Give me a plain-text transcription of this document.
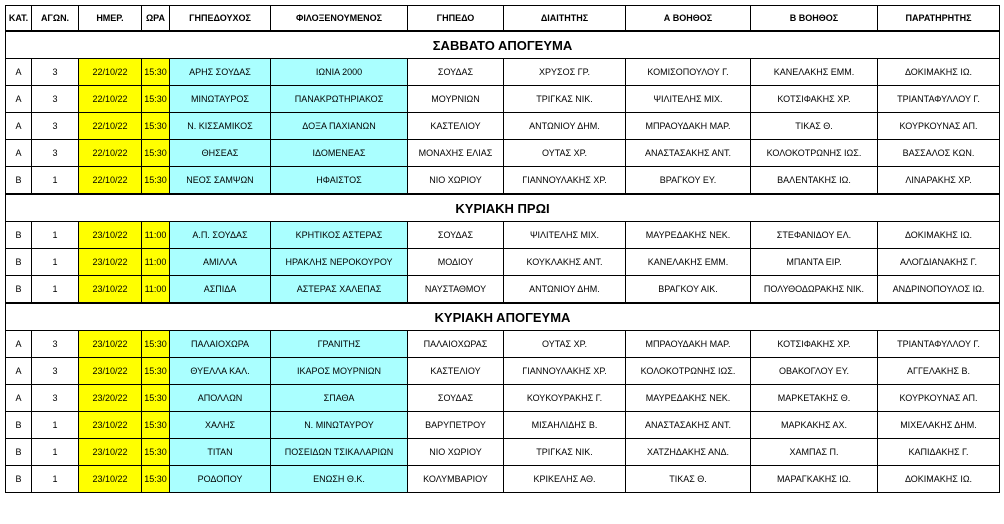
ΚΑΤ.	ΑΓΩΝ.	ΗΜΕΡ.	ΩΡΑ	ΓΗΠΕΔΟΥΧΟΣ	ΦΙΛΟΞΕΝΟΥΜΕΝΟΣ	ΓΗΠΕΔΟ	ΔΙΑΙΤΗΤΗΣ	Α ΒΟΗΘΟΣ	Β ΒΟΗΘΟΣ	ΠΑΡΑΤΗΡΗΤΗΣ
ΣΑΒΒΑΤΟ ΑΠΟΓΕΥΜΑ										
Α	3	22/10/22	15:30	ΑΡΗΣ ΣΟΥΔΑΣ	ΙΩΝΙΑ 2000	ΣΟΥΔΑΣ	ΧΡΥΣΟΣ ΓΡ.	ΚΟΜΙΣΟΠΟΥΛΟΥ Γ.	ΚΑΝΕΛΑΚΗΣ ΕΜΜ.	ΔΟΚΙΜΑΚΗΣ ΙΩ.
Α	3	22/10/22	15:30	ΜΙΝΩΤΑΥΡΟΣ	ΠΑΝΑΚΡΩΤΗΡΙΑΚΟΣ	ΜΟΥΡΝΙΩΝ	ΤΡΙΓΚΑΣ ΝΙΚ.	ΨΙΛΙΤΕΛΗΣ ΜΙΧ.	ΚΟΤΣΙΦΑΚΗΣ ΧΡ.	ΤΡΙΑΝΤΑΦΥΛΛΟΥ Γ.
Α	3	22/10/22	15:30	Ν. ΚΙΣΣΑΜΙΚΟΣ	ΔΟΞΑ ΠΑΧΙΑΝΩΝ	ΚΑΣΤΕΛΙΟΥ	ΑΝΤΩΝΙΟΥ ΔΗΜ.	ΜΠΡΑΟΥΔΑΚΗ ΜΑΡ.	ΤΙΚΑΣ Θ.	ΚΟΥΡΚΟΥΝΑΣ ΑΠ.
Α	3	22/10/22	15:30	ΘΗΣΕΑΣ	ΙΔΟΜΕΝΕΑΣ	ΜΟΝΑΧΗΣ ΕΛΙΑΣ	ΟΥΤΑΣ ΧΡ.	ΑΝΑΣΤΑΣΑΚΗΣ ΑΝΤ.	ΚΟΛΟΚΟΤΡΩΝΗΣ ΙΩΣ.	ΒΑΣΣΑΛΟΣ ΚΩΝ.
Β	1	22/10/22	15:30	ΝΕΟΣ ΣΑΜΨΩΝ	ΗΦΑΙΣΤΟΣ	ΝΙΟ ΧΩΡΙΟΥ	ΓΙΑΝΝΟΥΛΑΚΗΣ ΧΡ.	ΒΡΑΓΚΟΥ ΕΥ.	ΒΑΛΕΝΤΑΚΗΣ ΙΩ.	ΛΙΝΑΡΑΚΗΣ ΧΡ.
ΚΥΡΙΑΚΗ ΠΡΩΙ										
Β	1	23/10/22	11:00	Α.Π. ΣΟΥΔΑΣ	ΚΡΗΤΙΚΟΣ ΑΣΤΕΡΑΣ	ΣΟΥΔΑΣ	ΨΙΛΙΤΕΛΗΣ ΜΙΧ.	ΜΑΥΡΕΔΑΚΗΣ ΝΕΚ.	ΣΤΕΦΑΝΙΔΟΥ ΕΛ.	ΔΟΚΙΜΑΚΗΣ ΙΩ.
Β	1	23/10/22	11:00	ΑΜΙΛΛΑ	ΗΡΑΚΛΗΣ ΝΕΡΟΚΟΥΡΟΥ	ΜΟΔΙΟΥ	ΚΟΥΚΛΑΚΗΣ ΑΝΤ.	ΚΑΝΕΛΑΚΗΣ ΕΜΜ.	ΜΠΑΝΤΑ ΕΙΡ.	ΑΛΟΓΔΙΑΝΑΚΗΣ Γ.
Β	1	23/10/22	11:00	ΑΣΠΙΔΑ	ΑΣΤΕΡΑΣ ΧΑΛΕΠΑΣ	ΝΑΥΣΤΑΘΜΟΥ	ΑΝΤΩΝΙΟΥ ΔΗΜ.	ΒΡΑΓΚΟΥ ΑΙΚ.	ΠΟΛΥΘΟΔΩΡΑΚΗΣ ΝΙΚ.	ΑΝΔΡΙΝΟΠΟΥΛΟΣ ΙΩ.
ΚΥΡΙΑΚΗ ΑΠΟΓΕΥΜΑ										
Α	3	23/10/22	15:30	ΠΑΛΑΙΟΧΩΡΑ	ΓΡΑΝΙΤΗΣ	ΠΑΛΑΙΟΧΩΡΑΣ	ΟΥΤΑΣ ΧΡ.	ΜΠΡΑΟΥΔΑΚΗ ΜΑΡ.	ΚΟΤΣΙΦΑΚΗΣ ΧΡ.	ΤΡΙΑΝΤΑΦΥΛΛΟΥ Γ.
Α	3	23/10/22	15:30	ΘΥΕΛΛΑ ΚΑΛ.	ΙΚΑΡΟΣ ΜΟΥΡΝΙΩΝ	ΚΑΣΤΕΛΙΟΥ	ΓΙΑΝΝΟΥΛΑΚΗΣ ΧΡ.	ΚΟΛΟΚΟΤΡΩΝΗΣ ΙΩΣ.	ΟΒΑΚΟΓΛΟΥ ΕΥ.	ΑΓΓΕΛΑΚΗΣ Β.
Α	3	23/20/22	15:30	ΑΠΟΛΛΩΝ	ΣΠΑΘΑ	ΣΟΥΔΑΣ	ΚΟΥΚΟΥΡΑΚΗΣ Γ.	ΜΑΥΡΕΔΑΚΗΣ ΝΕΚ.	ΜΑΡΚΕΤΑΚΗΣ Θ.	ΚΟΥΡΚΟΥΝΑΣ ΑΠ.
Β	1	23/10/22	15:30	ΧΑΛΗΣ	Ν. ΜΙΝΩΤΑΥΡΟΥ	ΒΑΡΥΠΕΤΡΟΥ	ΜΙΣΑΗΛΙΔΗΣ Β.	ΑΝΑΣΤΑΣΑΚΗΣ ΑΝΤ.	ΜΑΡΚΑΚΗΣ ΑΧ.	ΜΙΧΕΛΑΚΗΣ ΔΗΜ.
Β	1	23/10/22	15:30	ΤΙΤΑΝ	ΠΟΣΕΙΔΩΝ ΤΣΙΚΑΛΑΡΙΩΝ	ΝΙΟ ΧΩΡΙΟΥ	ΤΡΙΓΚΑΣ ΝΙΚ.	ΧΑΤΖΗΔΑΚΗΣ ΑΝΔ.	ΧΑΜΠΑΣ Π.	ΚΑΠΙΔΑΚΗΣ Γ.
Β	1	23/10/22	15:30	ΡΟΔΟΠΟΥ	ΕΝΩΣΗ Θ.Κ.	ΚΟΛΥΜΒΑΡΙΟΥ	ΚΡΙΚΕΛΗΣ ΑΘ.	ΤΙΚΑΣ Θ.	ΜΑΡΑΓΚΑΚΗΣ ΙΩ.	ΔΟΚΙΜΑΚΗΣ ΙΩ.
